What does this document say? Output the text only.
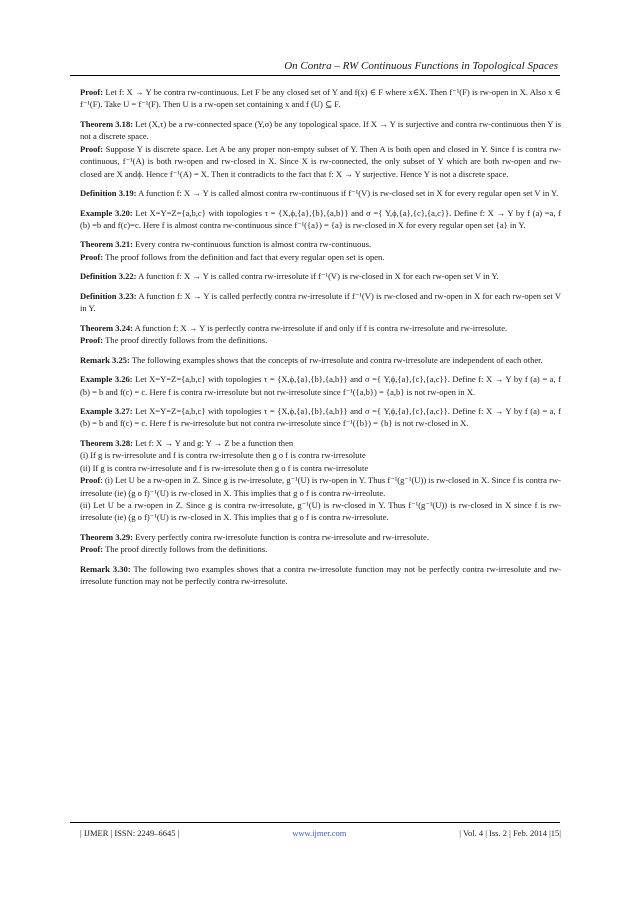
On Contra – RW Continuous Functions in Topological Spaces

Proof: Let f: X → Y be contra rw-continuous. Let F be any closed set of Y and f(x) ∈ F where x∈X. Then f⁻¹(F) is rw-open in X. Also x ∈ f⁻¹(F). Take U = f⁻¹(F). Then U is a rw-open set containing x and f (U) ⊆ F.

Theorem 3.18: Let (X,τ) be a rw-connected space (Y,σ) be any topological space. If X → Y is surjective and contra rw-continuous then Y is not a discrete space.

Proof: Suppose Y is discrete space. Let A be any proper non-empty subset of Y. Then A is both open and closed in Y. Since f is contra rw-continuous, f⁻¹(A) is both rw-open and rw-closed in X. Since X is rw-connected, the only subset of Y which are both rw-open and rw-closed are X andϕ. Hence f⁻¹(A) = X. Then it contradicts to the fact that f: X → Y surjective. Hence Y is not a discrete space.

Definition 3.19: A function f: X → Y is called almost contra rw-continuous if f⁻¹(V) is rw-closed set in X for every regular open set V in Y.

Example 3.20: Let X=Y=Z={a,b,c} with topologies τ = {X,ϕ,{a},{b},{a,b}} and σ ={ Y,ϕ,{a},{c},{a,c}}. Define f: X → Y by f (a) =a, f (b) =b and f(c)=c. Here f is almost contra rw-continuous since f⁻¹({a}) = {a} is rw-closed in X for every regular open set {a} in Y.

Theorem 3.21: Every contra rw-continuous function is almost contra rw-continuous.

Proof: The proof follows from the definition and fact that every regular open set is open.

Definition 3.22: A function f: X → Y is called contra rw-irresolute if f⁻¹(V) is rw-closed in X for each rw-open set V in Y.

Definition 3.23: A function f: X → Y is called perfectly contra rw-irresolute if f⁻¹(V) is rw-closed and rw-open in X for each rw-open set V in Y.

Theorem 3.24: A function f: X → Y is perfectly contra rw-irresolute if and only if f is contra rw-irresolute and rw-irresolute.

Proof: The proof directly follows from the definitions.

Remark 3.25: The following examples shows that the concepts of rw-irresolute and contra rw-irresolute are independent of each other.

Example 3.26: Let X=Y=Z={a,b,c} with topologies τ = {X,ϕ,{a},{b},{a,b}} and σ ={ Y,ϕ,{a},{c},{a,c}}. Define f: X → Y by f (a) = a, f (b) = b and f(c) = c. Here f is contra rw-irresolute but not rw-irresolute since f⁻¹({a,b}) = {a,b} is not rw-open in X.

Example 3.27: Let X=Y=Z={a,b,c} with topologies τ = {X,ϕ,{a},{b},{a,b}} and σ ={ Y,ϕ,{a},{c},{a,c}}. Define f: X → Y by f (a) = a, f (b) = b and f(c) = c. Here f is rw-irresolute but not contra rw-irresolute since f⁻¹({b}) = {b} is not rw-closed in X.

Theorem 3.28: Let f: X → Y and g: Y → Z be a function then

(i) If g is rw-irresolute and f is contra rw-irresolute then g o f is contra rw-irresolute

(ii) If g is contra rw-irresolute and f is rw-irresolute then g o f is contra rw-irresolute

Proof: (i) Let U be a rw-open in Z. Since g is rw-irresolute, g⁻¹(U) is rw-open in Y. Thus f⁻¹(g⁻¹(U)) is rw-closed in X. Since f is contra rw-irresolute (ie) (g o f)⁻¹(U) is rw-closed in X. This implies that g o f is contra rw-irreolute.

(ii) Let U be a rw-open in Z. Since g is contra rw-irresolute, g⁻¹(U) is rw-closed in Y. Thus f⁻¹(g⁻¹(U)) is rw-closed in X since f is rw-irresolute (ie) (g o f)⁻¹(U) is rw-closed in X. This implies that g o f is contra rw-irresolute.

Theorem 3.29: Every perfectly contra rw-irresolute function is contra rw-irresolute and rw-irresolute.

Proof: The proof directly follows from the definitions.

Remark 3.30: The following two examples shows that a contra rw-irresolute function may not be perfectly contra rw-irresolute and rw-irresolute function may not be perfectly contra rw-irresolute.

| IJMER | ISSN: 2249–6645 |	www.ijmer.com	| Vol. 4 | Iss. 2 | Feb. 2014 |15|
